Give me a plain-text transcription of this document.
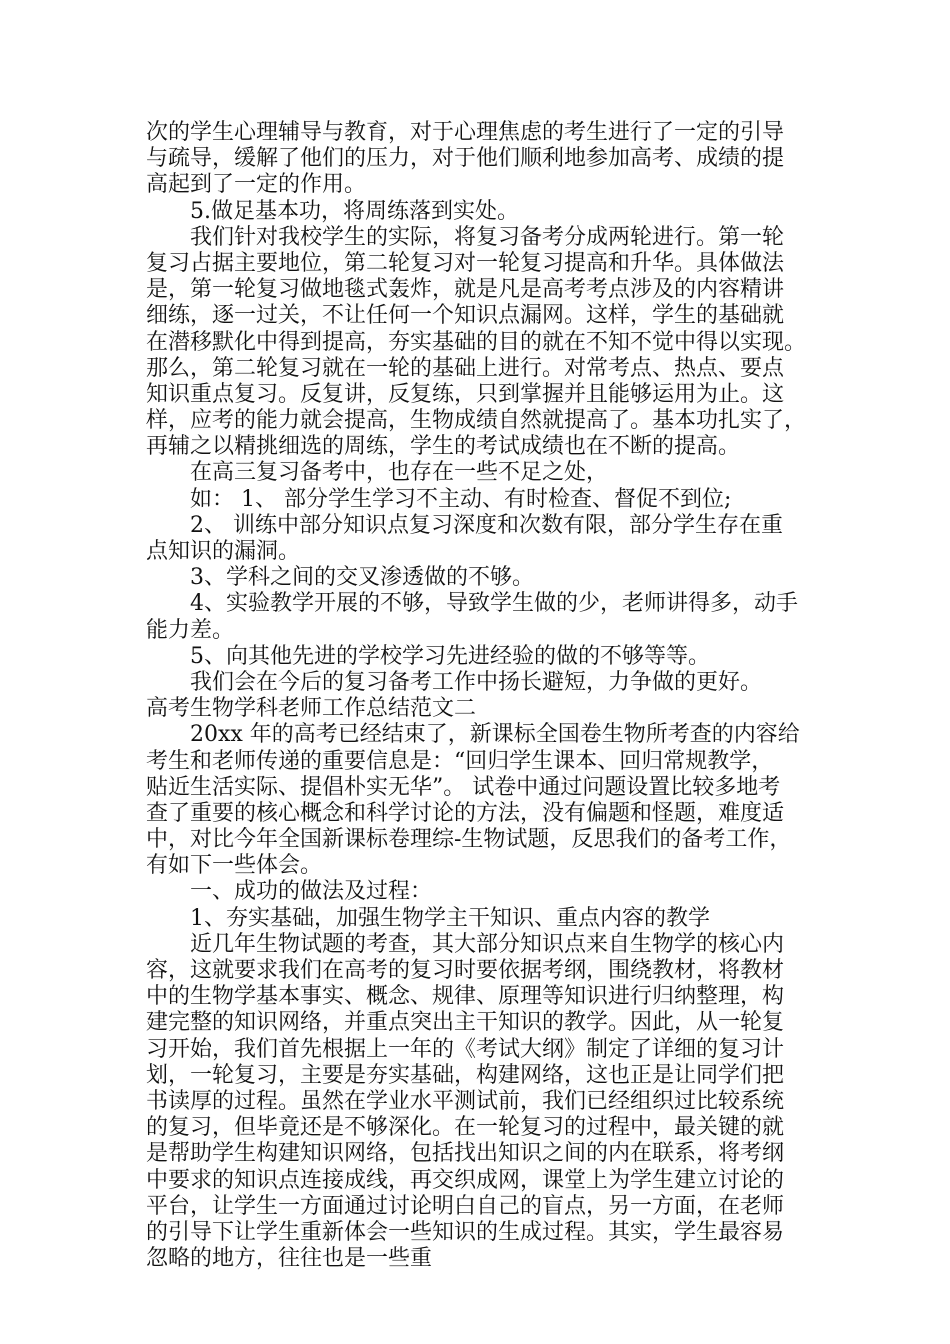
次的学生心理辅导与教育，对于心理焦虑的考生进行了一定的引导
与疏导，缓解了他们的压力，对于他们顺利地参加高考、成绩的提
高起到了一定的作用。
5.做足基本功，将周练落到实处。
我们针对我校学生的实际，将复习备考分成两轮进行。第一轮
复习占据主要地位，第二轮复习对一轮复习提高和升华。具体做法
是，第一轮复习做地毯式轰炸，就是凡是高考考点涉及的内容精讲
细练，逐一过关，不让任何一个知识点漏网。这样，学生的基础就
在潜移默化中得到提高，夯实基础的目的就在不知不觉中得以实现。
那么，第二轮复习就在一轮的基础上进行。对常考点、热点、要点
知识重点复习。反复讲，反复练，只到掌握并且能够运用为止。这
样，应考的能力就会提高，生物成绩自然就提高了。基本功扎实了，
再辅之以精挑细选的周练，学生的考试成绩也在不断的提高。
在高三复习备考中，也存在一些不足之处，
如： 1、 部分学生学习不主动、有时检查、督促不到位;
2、 训练中部分知识点复习深度和次数有限，部分学生存在重
点知识的漏洞。
3、学科之间的交叉渗透做的不够。
4、实验教学开展的不够，导致学生做的少，老师讲得多，动手
能力差。
5、向其他先进的学校学习先进经验的做的不够等等。
我们会在今后的复习备考工作中扬长避短，力争做的更好。
高考生物学科老师工作总结范文二
20xx 年的高考已经结束了，新课标全国卷生物所考查的内容给
考生和老师传递的重要信息是：“回归学生课本、回归常规教学，
贴近生活实际、提倡朴实无华”。 试卷中通过问题设置比较多地考
查了重要的核心概念和科学讨论的方法，没有偏题和怪题，难度适
中，对比今年全国新课标卷理综-生物试题，反思我们的备考工作，
有如下一些体会。
一、成功的做法及过程：
1、夯实基础，加强生物学主干知识、重点内容的教学
近几年生物试题的考查，其大部分知识点来自生物学的核心内
容，这就要求我们在高考的复习时要依据考纲，围绕教材，将教材
中的生物学基本事实、概念、规律、原理等知识进行归纳整理，构
建完整的知识网络，并重点突出主干知识的教学。因此，从一轮复
习开始，我们首先根据上一年的《考试大纲》制定了详细的复习计
划，一轮复习，主要是夯实基础，构建网络，这也正是让同学们把
书读厚的过程。虽然在学业水平测试前，我们已经组织过比较系统
的复习，但毕竟还是不够深化。在一轮复习的过程中，最关键的就
是帮助学生构建知识网络，包括找出知识之间的内在联系，将考纲
中要求的知识点连接成线，再交织成网，课堂上为学生建立讨论的
平台，让学生一方面通过讨论明白自己的盲点，另一方面，在老师
的引导下让学生重新体会一些知识的生成过程。其实，学生最容易
忽略的地方，往往也是一些重
